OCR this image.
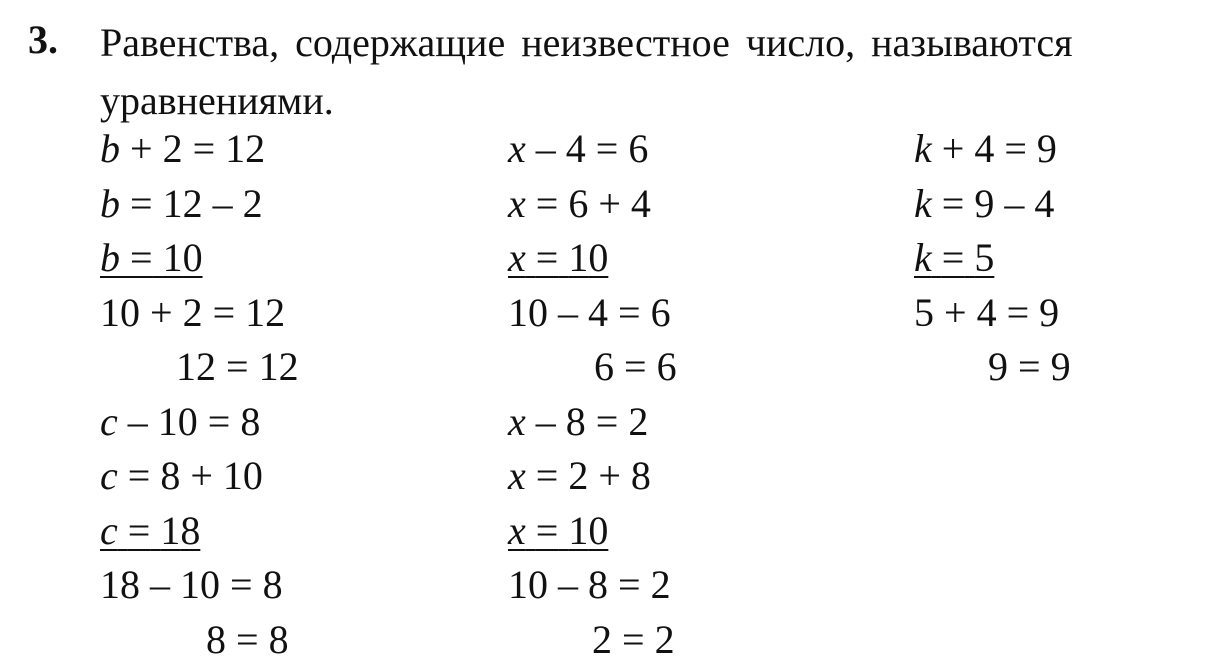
3. Равенства, содержащие неизвестное число, называются
уравнениями.
b + 2 = 12
b = 12 – 2
b = 10
10 + 2 = 12
12 = 12
c – 10 = 8
c = 8 + 10
c = 18
18 – 10 = 8
8 = 8
x – 4 = 6
x = 6 + 4
x = 10
10 – 4 = 6
6 = 6
x – 8 = 2
x = 2 + 8
x = 10
10 – 8 = 2
2 = 2
k + 4 = 9
k = 9 – 4
k = 5
5 + 4 = 9
9 = 9
